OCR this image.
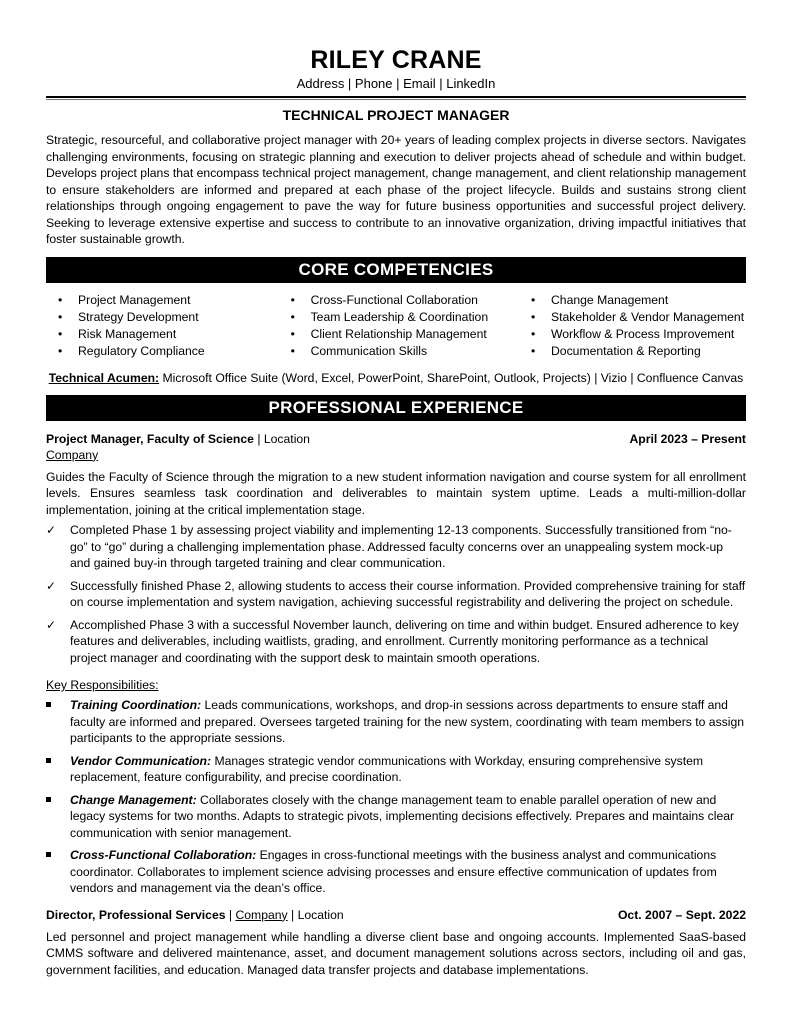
RILEY CRANE
Address | Phone | Email | LinkedIn
TECHNICAL PROJECT MANAGER
Strategic, resourceful, and collaborative project manager with 20+ years of leading complex projects in diverse sectors. Navigates challenging environments, focusing on strategic planning and execution to deliver projects ahead of schedule and within budget. Develops project plans that encompass technical project management, change management, and client relationship management to ensure stakeholders are informed and prepared at each phase of the project lifecycle. Builds and sustains strong client relationships through ongoing engagement to pave the way for future business opportunities and successful project delivery. Seeking to leverage extensive expertise and success to contribute to an innovative organization, driving impactful initiatives that foster sustainable growth.
CORE COMPETENCIES
• Project Management
• Strategy Development
• Risk Management
• Regulatory Compliance
• Cross-Functional Collaboration
• Team Leadership & Coordination
• Client Relationship Management
• Communication Skills
• Change Management
• Stakeholder & Vendor Management
• Workflow & Process Improvement
• Documentation & Reporting
Technical Acumen: Microsoft Office Suite (Word, Excel, PowerPoint, SharePoint, Outlook, Projects) | Vizio | Confluence Canvas
PROFESSIONAL EXPERIENCE
Project Manager, Faculty of Science | Location	April 2023 – Present
Company
Guides the Faculty of Science through the migration to a new student information navigation and course system for all enrollment levels. Ensures seamless task coordination and deliverables to maintain system uptime. Leads a multi-million-dollar implementation, joining at the critical implementation stage.
✓ Completed Phase 1 by assessing project viability and implementing 12-13 components. Successfully transitioned from “no-go” to “go” during a challenging implementation phase. Addressed faculty concerns over an unappealing system mock-up and gained buy-in through targeted training and clear communication.
✓ Successfully finished Phase 2, allowing students to access their course information. Provided comprehensive training for staff on course implementation and system navigation, achieving successful registrability and delivering the project on schedule.
✓ Accomplished Phase 3 with a successful November launch, delivering on time and within budget. Ensured adherence to key features and deliverables, including waitlists, grading, and enrollment. Currently monitoring performance as a technical project manager and coordinating with the support desk to maintain smooth operations.
Key Responsibilities:
Training Coordination: Leads communications, workshops, and drop-in sessions across departments to ensure staff and faculty are informed and prepared. Oversees targeted training for the new system, coordinating with team members to assign participants to the appropriate sessions.
Vendor Communication: Manages strategic vendor communications with Workday, ensuring comprehensive system replacement, feature configurability, and precise coordination.
Change Management: Collaborates closely with the change management team to enable parallel operation of new and legacy systems for two months. Adapts to strategic pivots, implementing decisions effectively. Prepares and maintains clear communication with senior management.
Cross-Functional Collaboration: Engages in cross-functional meetings with the business analyst and communications coordinator. Collaborates to implement science advising processes and ensure effective communication of updates from vendors and management via the dean’s office.
Director, Professional Services | Company | Location	Oct. 2007 – Sept. 2022
Led personnel and project management while handling a diverse client base and ongoing accounts. Implemented SaaS-based CMMS software and delivered maintenance, asset, and document management solutions across sectors, including oil and gas, government facilities, and education. Managed data transfer projects and database implementations.
